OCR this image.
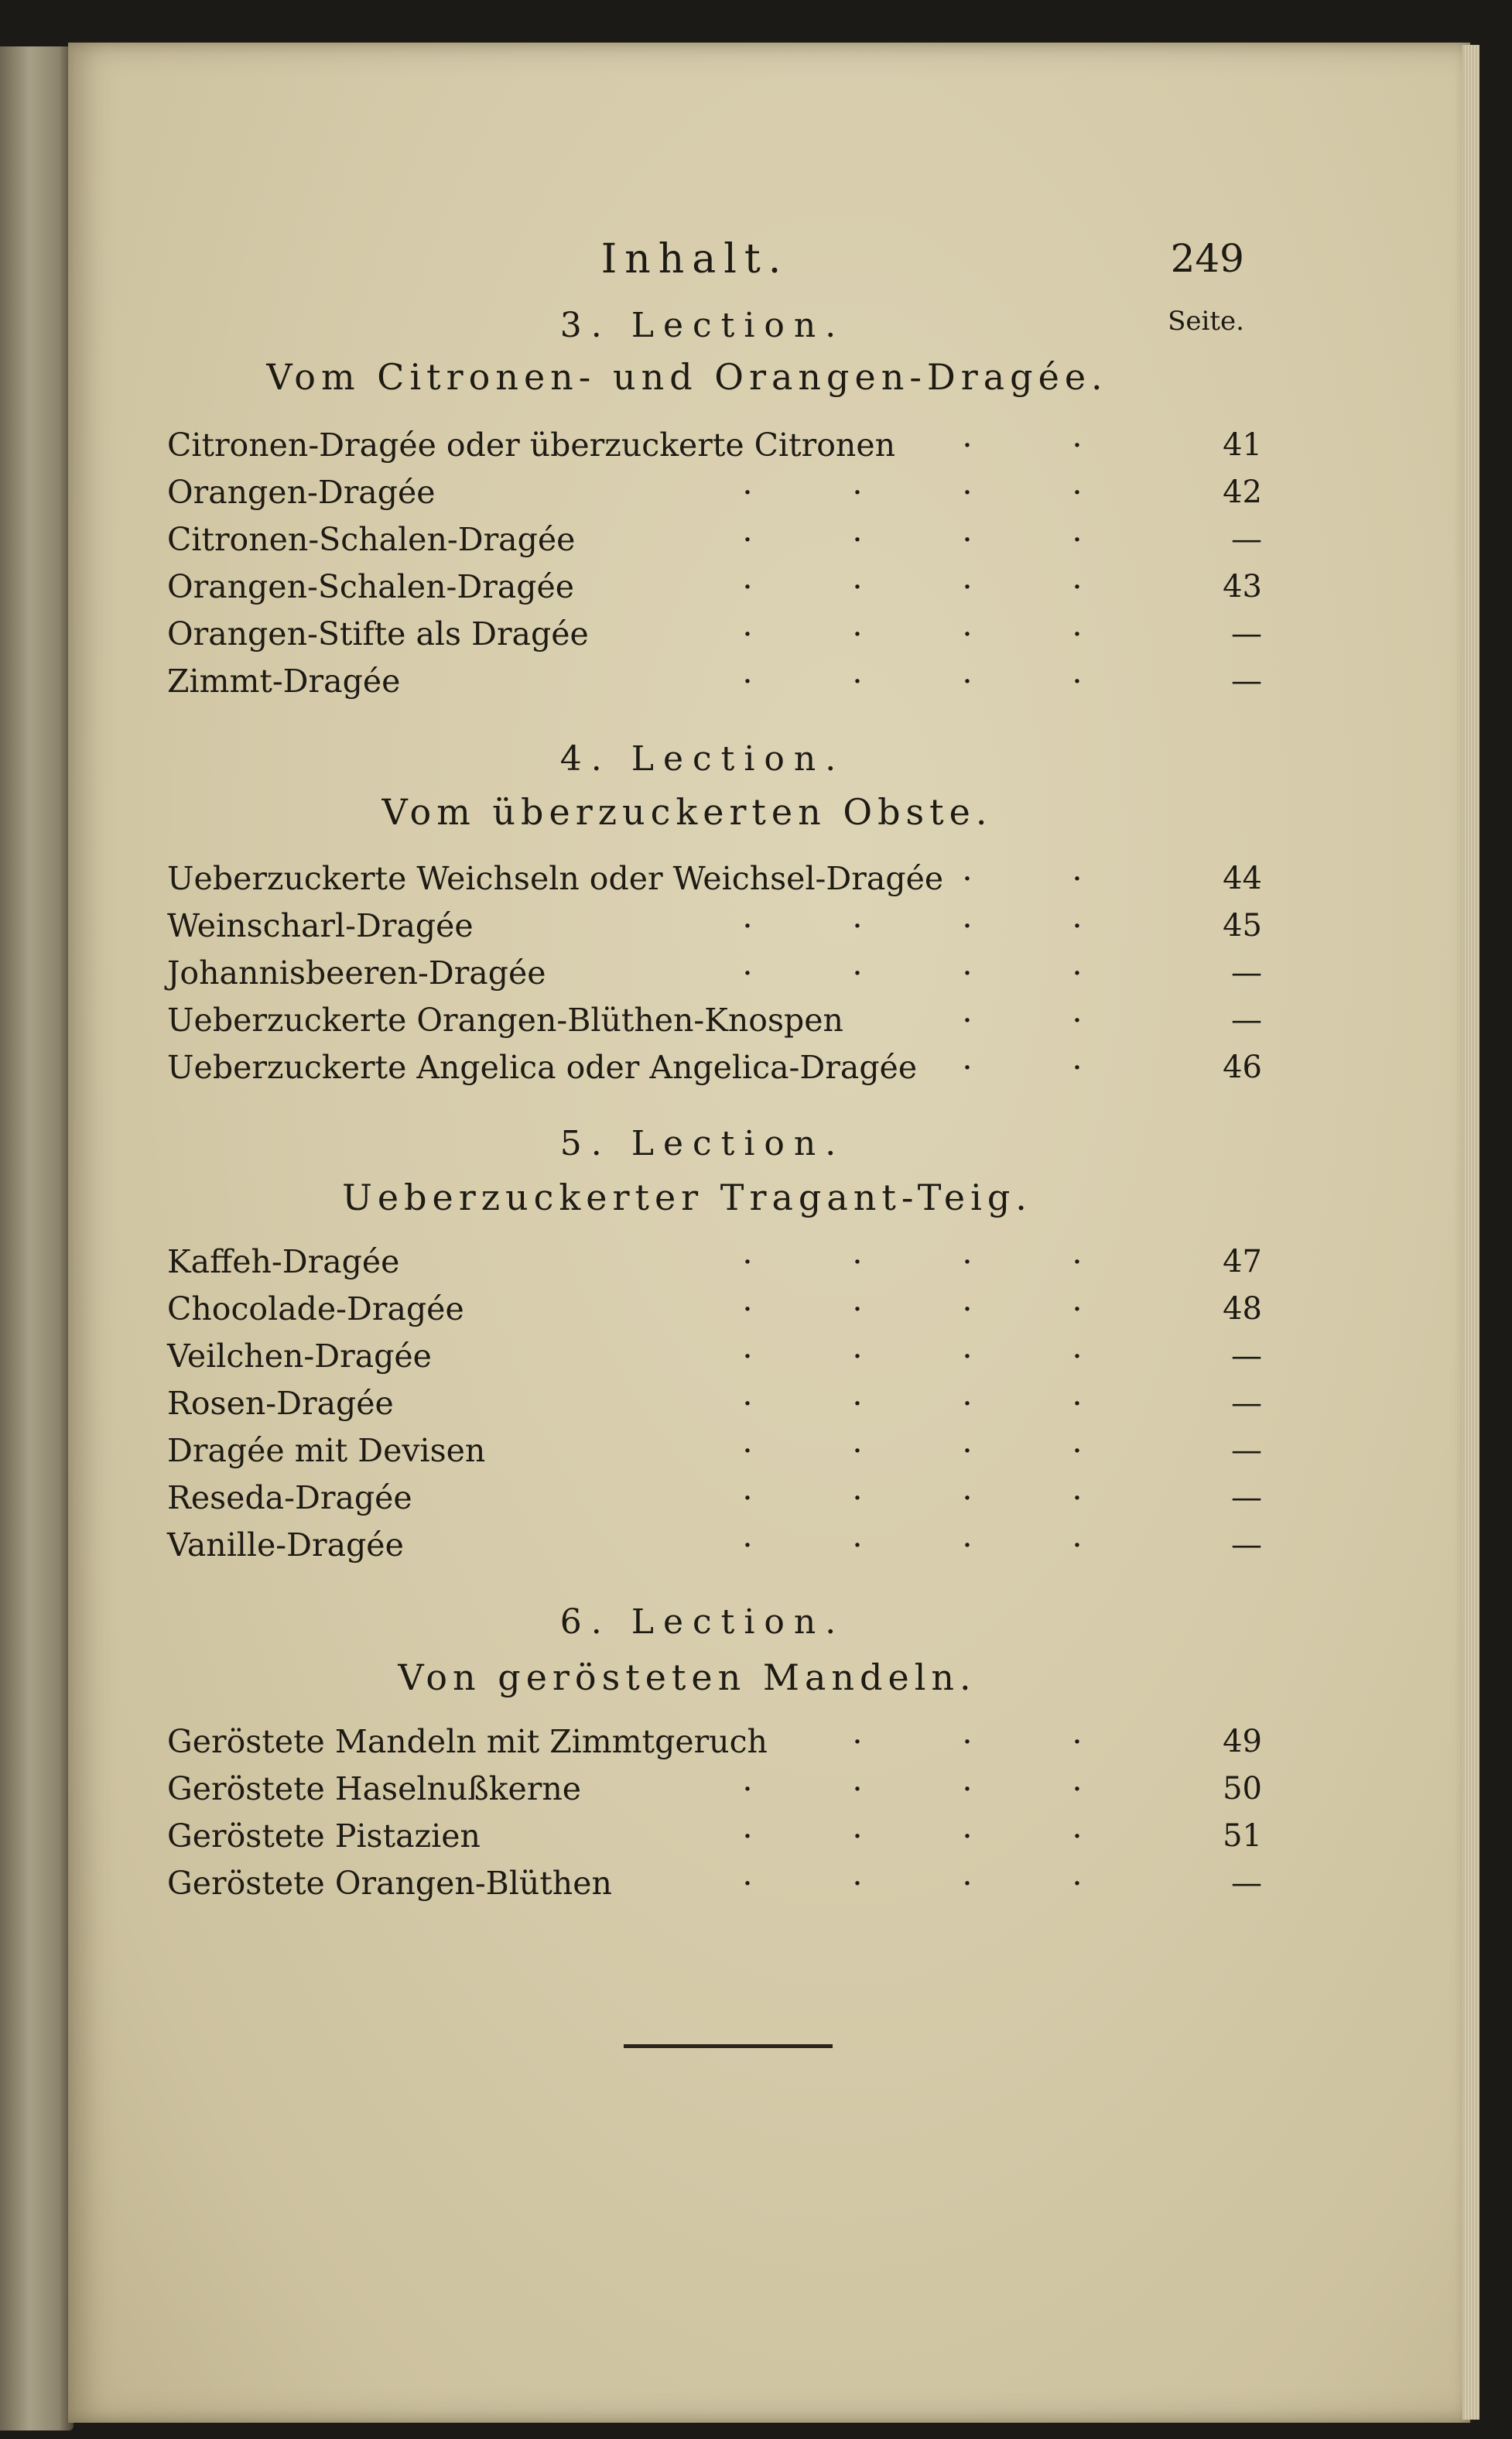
Inhalt.	249
Seite.
3. Lection.
Vom Citronen- und Orangen-Dragée.
Citronen-Dragée oder überzuckerte Citronen ·	·	41
Orangen-Dragée	·	·	·	·	42
Citronen-Schalen-Dragée	·	·	·	·	—
Orangen-Schalen-Dragée	·	·	·	·	43
Orangen-Stifte als Dragée	·	·	·	·	—
Zimmt-Dragée	·	·	·	·	—
4. Lection.
Vom überzuckerten Obste.
Ueberzuckerte Weichseln oder Weichsel-Dragée ·	·	44
Weinscharl-Dragée	·	·	·	·	45
Johannisbeeren-Dragée	·	·	·	·	—
Ueberzuckerte Orangen-Blüthen-Knospen	·	·	—
Ueberzuckerte Angelica oder Angelica-Dragée ·	·	46
5. Lection.
Ueberzuckerter Tragant-Teig.
Kaffeh-Dragée	·	·	·	·	47
Chocolade-Dragée	·	·	·	·	48
Veilchen-Dragée	·	·	·	·	—
Rosen-Dragée	·	·	·	·	—
Dragée mit Devisen	·	·	·	·	—
Reseda-Dragée	·	·	·	·	—
Vanille-Dragée	·	·	·	·	—
6. Lection.
Von gerösteten Mandeln.
Geröstete Mandeln mit Zimmtgeruch	·	·	·	49
Geröstete Haselnußkerne	·	·	·	·	50
Geröstete Pistazien	·	·	·	·	51
Geröstete Orangen-Blüthen	·	·	·	·	—
